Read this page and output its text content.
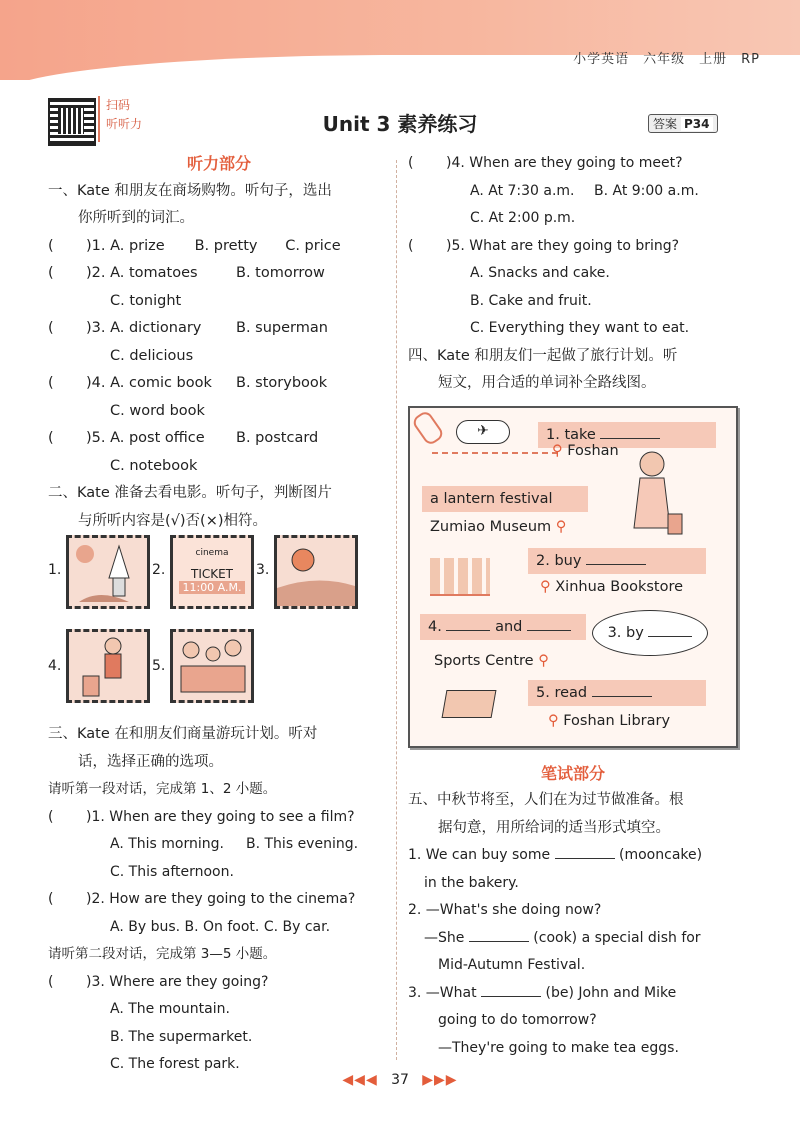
小学英语　六年级　上册　RP
扫码
听听力	Unit 3 素养练习	答案 P34
听力部分
一、Kate 和朋友在商场购物。听句子，选出
你所听到的词汇。
( )1. A. prize B. pretty C. price
( )2. A. tomatoes	B. tomorrow
C. tonight
( )3. A. dictionary B. superman
C. delicious
( )4. A. comic book B. storybook
C. word book
( )5. A. post office B. postcard
C. notebook
二、Kate 准备去看电影。听句子，判断图片
与所听内容是(√)否(×)相符。
1.	2.
cinema
TICKET
11:00 A.M.
3.
4.	5.
三、Kate 在和朋友们商量游玩计划。听对
话，选择正确的选项。
请听第一段对话，完成第 1、2 小题。
( )1. When are they going to see a film?
A. This morning. B. This evening.
C. This afternoon.
( )2. How are they going to the cinema?
A. By bus. B. On foot. C. By car.
请听第二段对话，完成第 3—5 小题。
( )3. Where are they going?
A. The mountain.
B. The supermarket.
C. The forest park.
( )4. When are they going to meet?
A. At 7:30 a.m. B. At 9:00 a.m.
C. At 2:00 p.m.
( )5. What are they going to bring?
A. Snacks and cake.
B. Cake and fruit.
C. Everything they want to eat.
四、Kate 和朋友们一起做了旅行计划。听
短文，用合适的单词补全路线图。
✈	1. take
⚲ Foshan
a lantern festival
Zumiao Museum ⚲
2. buy
⚲ Xinhua Bookstore
4.	and	3. by
Sports Centre ⚲
5. read
⚲ Foshan Library
笔试部分
五、中秋节将至，人们在为过节做准备。根
据句意，用所给词的适当形式填空。
1. We can buy some	(mooncake)
in the bakery.
2. —What's she doing now?
—She	(cook) a special dish for
Mid-Autumn Festival.
3. —What	(be) John and Mike
going to do tomorrow?
—They're going to make tea eggs.
◀◀◀ 37 ▶▶▶
